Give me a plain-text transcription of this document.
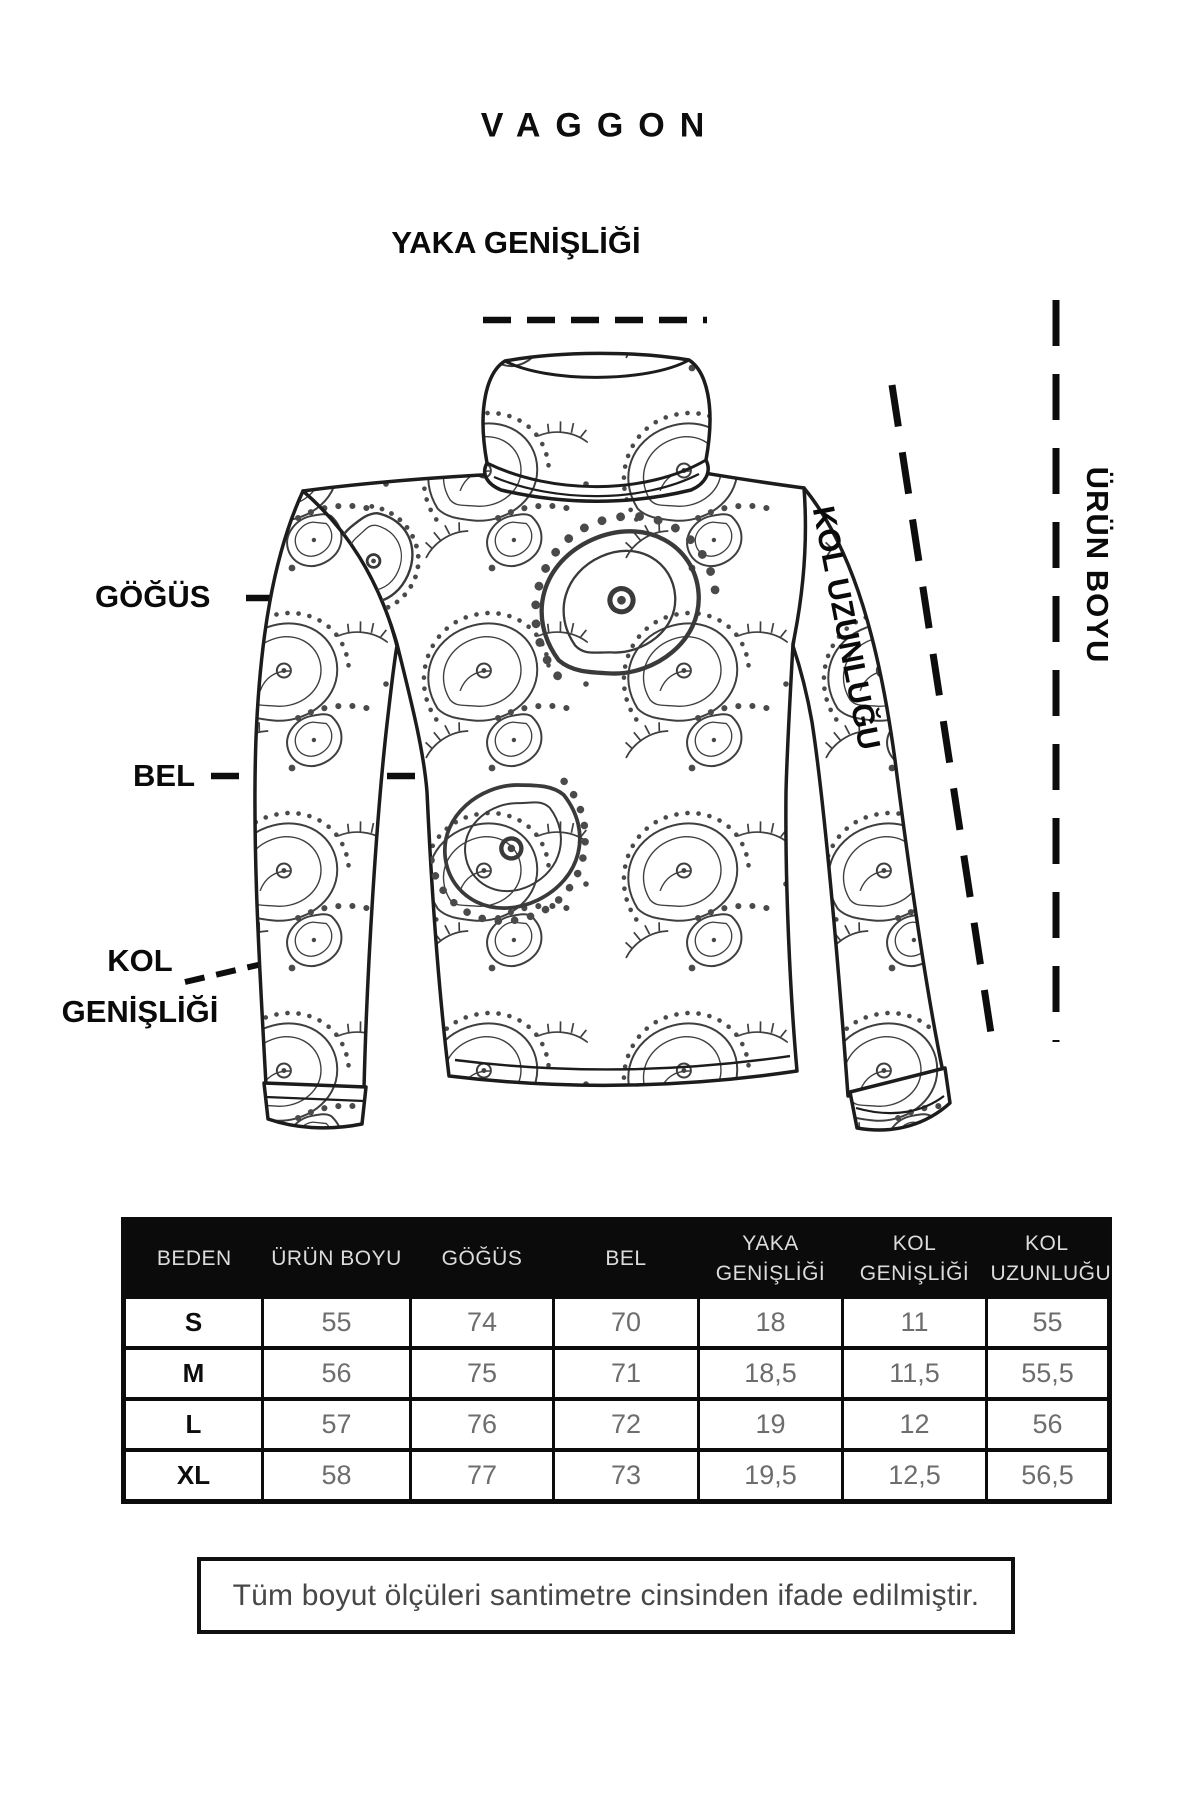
VAGGON
YAKA GENİŞLİĞİ
GÖĞÜS
BEL
KOL GENİŞLİĞİ
KOL UZUNLUĞU	ÜRÜN BOYU
BEDEN	ÜRÜN BOYU	GÖĞÜS	BEL	YAKA GENİŞLİĞİ	KOL GENİŞLİĞİ	KOL UZUNLUĞU
S	55	74	70	18	11	55
M	56	75	71	18,5	11,5	55,5
L	57	76	72	19	12	56
XL	58	77	73	19,5	12,5	56,5
Tüm boyut ölçüleri santimetre cinsinden ifade edilmiştir.
